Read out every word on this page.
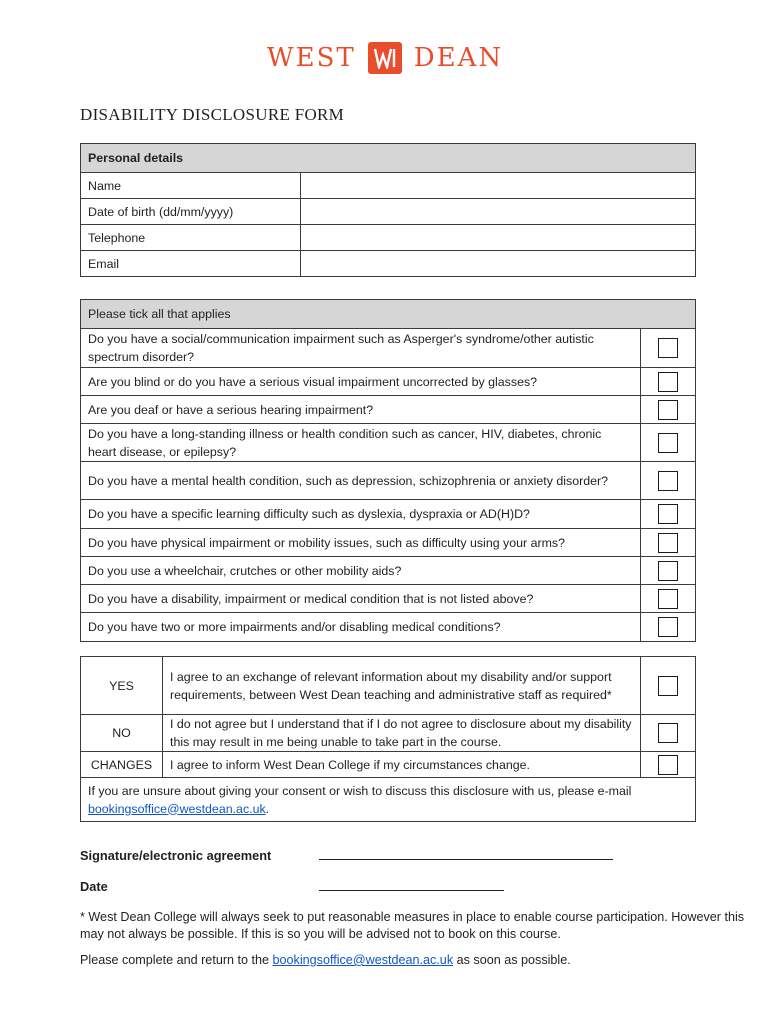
WEST DEAN
DISABILITY DISCLOSURE FORM
Personal details	
Name	
Date of birth (dd/mm/yyyy)	
Telephone	
Email	
Please tick all that applies	
Do you have a social/communication impairment such as Asperger's syndrome/other autistic spectrum disorder?	
Are you blind or do you have a serious visual impairment uncorrected by glasses?	
Are you deaf or have a serious hearing impairment?	
Do you have a long-standing illness or health condition such as cancer, HIV, diabetes, chronic heart disease, or epilepsy?	
Do you have a mental health condition, such as depression, schizophrenia or anxiety disorder?	
Do you have a specific learning difficulty such as dyslexia, dyspraxia or AD(H)D?	
Do you have physical impairment or mobility issues, such as difficulty using your arms?	
Do you use a wheelchair, crutches or other mobility aids?	
Do you have a disability, impairment or medical condition that is not listed above?	
Do you have two or more impairments and/or disabling medical conditions?	
YES	I agree to an exchange of relevant information about my disability and/or support requirements, between West Dean teaching and administrative staff as required*	
NO	I do not agree but I understand that if I do not agree to disclosure about my disability this may result in me being unable to take part in the course.	
CHANGES	I agree to inform West Dean College if my circumstances change.	
If you are unsure about giving your consent or wish to discuss this disclosure with us, please e-mail bookingsoffice@westdean.ac.uk.		
Signature/electronic agreement
Date

* West Dean College will always seek to put reasonable measures in place to enable course participation. However this may not always be possible. If this is so you will be advised not to book on this course.

Please complete and return to the bookingsoffice@westdean.ac.uk as soon as possible.
